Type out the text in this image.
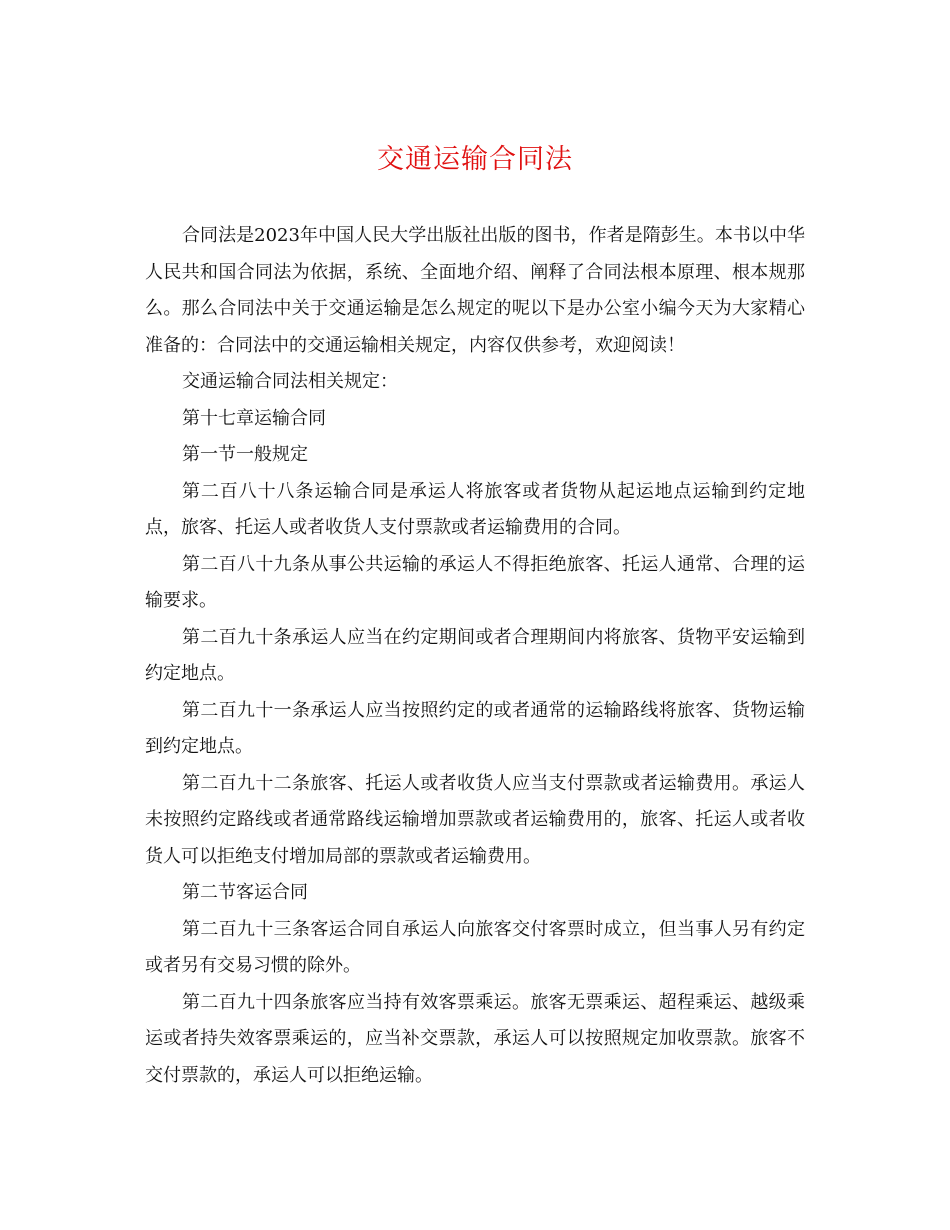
交通运输合同法

合同法是2023年中国人民大学出版社出版的图书，作者是隋彭生。本书以中华人民共和国合同法为依据，系统、全面地介绍、阐释了合同法根本原理、根本规那么。那么合同法中关于交通运输是怎么规定的呢以下是办公室小编今天为大家精心准备的：合同法中的交通运输相关规定，内容仅供参考，欢迎阅读！

交通运输合同法相关规定：

第十七章运输合同

第一节一般规定

第二百八十八条运输合同是承运人将旅客或者货物从起运地点运输到约定地点，旅客、托运人或者收货人支付票款或者运输费用的合同。

第二百八十九条从事公共运输的承运人不得拒绝旅客、托运人通常、合理的运输要求。

第二百九十条承运人应当在约定期间或者合理期间内将旅客、货物平安运输到约定地点。

第二百九十一条承运人应当按照约定的或者通常的运输路线将旅客、货物运输到约定地点。

第二百九十二条旅客、托运人或者收货人应当支付票款或者运输费用。承运人未按照约定路线或者通常路线运输增加票款或者运输费用的，旅客、托运人或者收货人可以拒绝支付增加局部的票款或者运输费用。

第二节客运合同

第二百九十三条客运合同自承运人向旅客交付客票时成立，但当事人另有约定或者另有交易习惯的除外。

第二百九十四条旅客应当持有效客票乘运。旅客无票乘运、超程乘运、越级乘运或者持失效客票乘运的，应当补交票款，承运人可以按照规定加收票款。旅客不交付票款的，承运人可以拒绝运输。
